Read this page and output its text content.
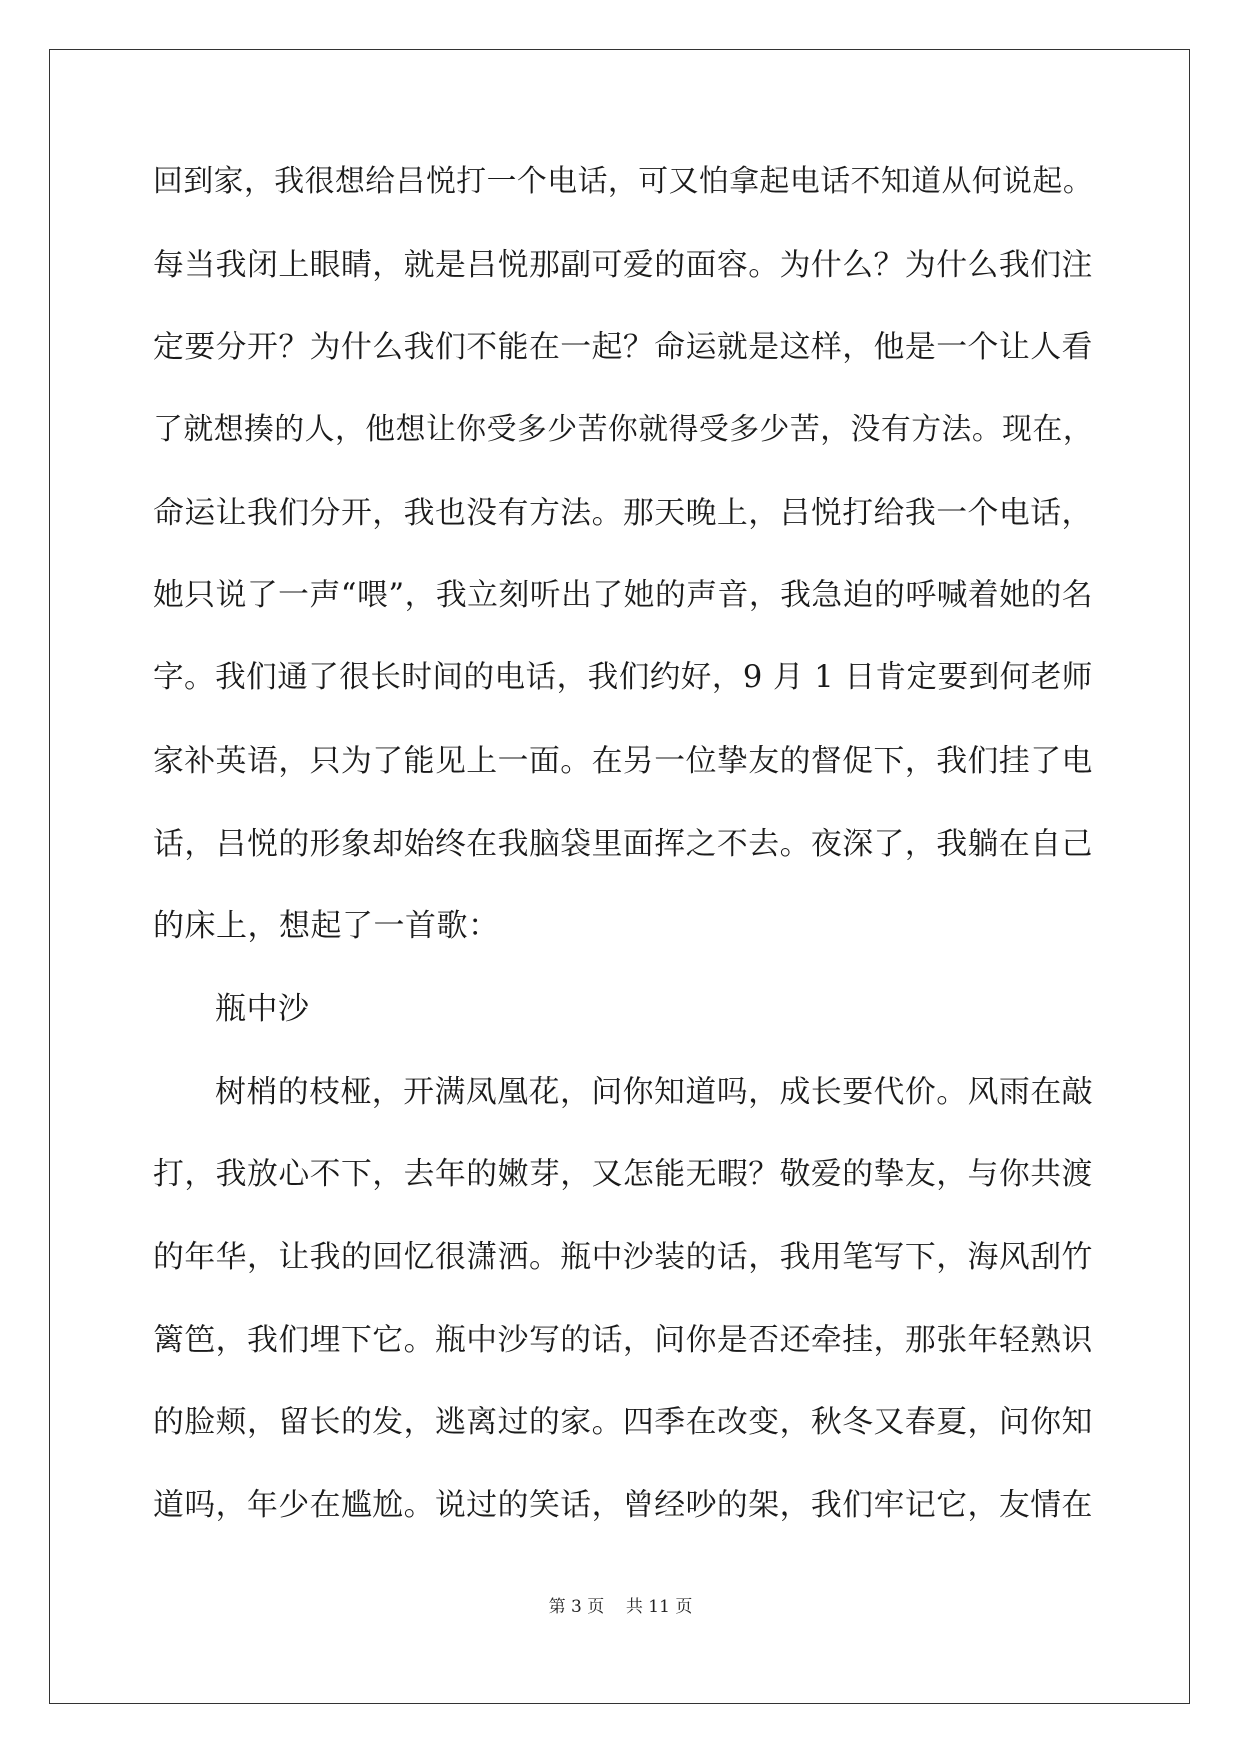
回到家，我很想给吕悦打一个电话，可又怕拿起电话不知道从何说起。
每当我闭上眼睛，就是吕悦那副可爱的面容。为什么？为什么我们注
定要分开？为什么我们不能在一起？命运就是这样，他是一个让人看
了就想揍的人，他想让你受多少苦你就得受多少苦，没有方法。现在，
命运让我们分开，我也没有方法。那天晚上，吕悦打给我一个电话，
她只说了一声“喂”，我立刻听出了她的声音，我急迫的呼喊着她的名
字。我们通了很长时间的电话，我们约好，9 月 1 日肯定要到何老师
家补英语，只为了能见上一面。在另一位挚友的督促下，我们挂了电
话，吕悦的形象却始终在我脑袋里面挥之不去。夜深了，我躺在自己
的床上，想起了一首歌：
瓶中沙
树梢的枝桠，开满凤凰花，问你知道吗，成长要代价。风雨在敲
打，我放心不下，去年的嫩芽，又怎能无暇？敬爱的挚友，与你共渡
的年华，让我的回忆很潇洒。瓶中沙装的话，我用笔写下，海风刮竹
篱笆，我们埋下它。瓶中沙写的话，问你是否还牵挂，那张年轻熟识
的脸颊，留长的发，逃离过的家。四季在改变，秋冬又春夏，问你知
道吗，年少在尴尬。说过的笑话，曾经吵的架，我们牢记它，友情在
第 3 页 共 11 页
